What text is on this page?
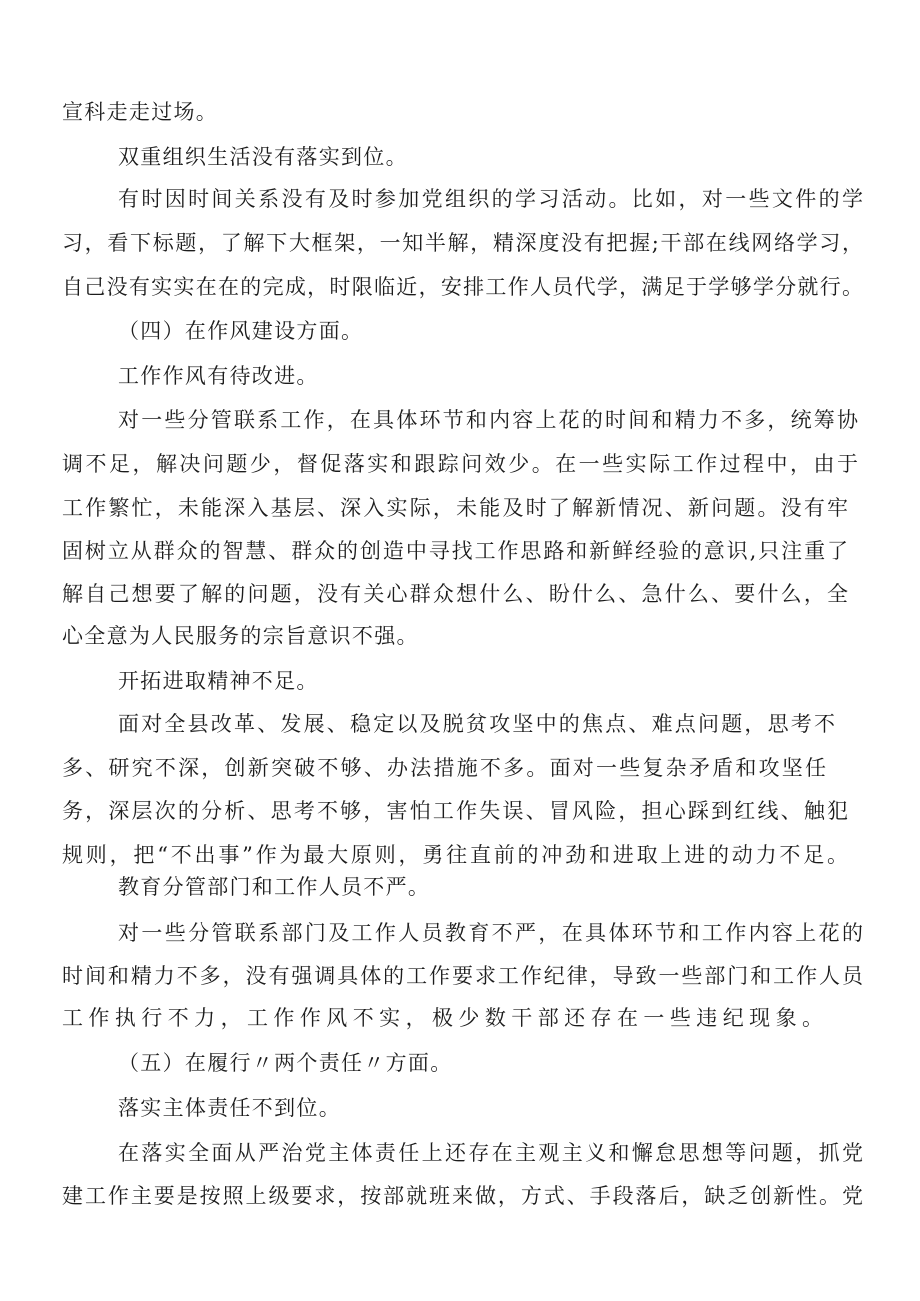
宣科走走过场。
双重组织生活没有落实到位。
有时因时间关系没有及时参加党组织的学习活动。比如，对一些文件的学
习，看下标题，了解下大框架，一知半解，精深度没有把握;干部在线网络学习，
自己没有实实在在的完成，时限临近，安排工作人员代学，满足于学够学分就行。
（四）在作风建设方面。
工作作风有待改进。
对一些分管联系工作，在具体环节和内容上花的时间和精力不多，统筹协
调不足，解决问题少，督促落实和跟踪问效少。在一些实际工作过程中，由于
工作繁忙，未能深入基层、深入实际，未能及时了解新情况、新问题。没有牢
固树立从群众的智慧、群众的创造中寻找工作思路和新鲜经验的意识,只注重了
解自己想要了解的问题，没有关心群众想什么、盼什么、急什么、要什么，全
心全意为人民服务的宗旨意识不强。
开拓进取精神不足。
面对全县改革、发展、稳定以及脱贫攻坚中的焦点、难点问题，思考不
多、研究不深，创新突破不够、办法措施不多。面对一些复杂矛盾和攻坚任
务，深层次的分析、思考不够，害怕工作失误、冒风险，担心踩到红线、触犯
规则，把“不出事”作为最大原则，勇往直前的冲劲和进取上进的动力不足。
教育分管部门和工作人员不严。
对一些分管联系部门及工作人员教育不严，在具体环节和工作内容上花的
时间和精力不多，没有强调具体的工作要求工作纪律，导致一些部门和工作人员
工作执行不力，工作作风不实，极少数干部还存在一些违纪现象。
（五）在履行〃两个责任〃方面。
落实主体责任不到位。
在落实全面从严治党主体责任上还存在主观主义和懈怠思想等问题，抓党
建工作主要是按照上级要求，按部就班来做，方式、手段落后，缺乏创新性。党
